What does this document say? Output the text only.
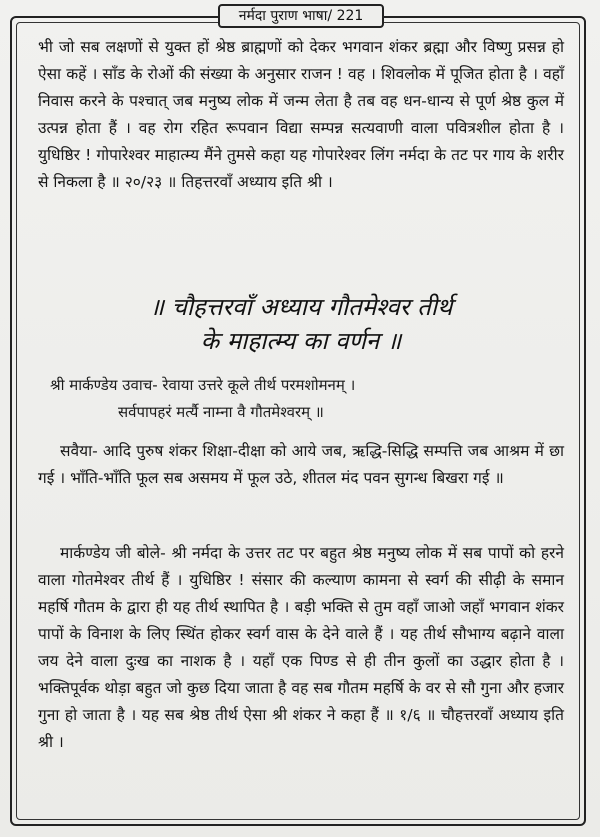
नर्मदा पुराण भाषा/ 221

भी जो सब लक्षणों से युक्त हों श्रेष्ठ ब्राह्मणों को देकर भगवान शंकर ब्रह्मा और विष्णु प्रसन्न हो ऐसा कहें । साँड के रोओं की संख्या के अनुसार राजन ! वह । शिवलोक में पूजित होता है । वहाँ निवास करने के पश्चात् जब मनुष्य लोक में जन्म लेता है तब वह धन-धान्य से पूर्ण श्रेष्ठ कुल में उत्पन्न होता हैं । वह रोग रहित रूपवान विद्या सम्पन्न सत्यवाणी वाला पवित्रशील होता है । युधिष्ठिर ! गोपारेश्वर माहात्म्य मैंने तुमसे कहा यह गोपारेश्वर लिंग नर्मदा के तट पर गाय के शरीर से निकला है ॥ २०/२३ ॥ तिहत्तरवाँ अध्याय इति श्री ।

॥ चौहत्तरवाँ अध्याय गौतमेश्वर तीर्थ
के माहात्म्य का वर्णन ॥
श्री मार्कण्डेय उवाच- रेवाया उत्तरे कूले तीर्थ परमशोमनम् ।
सर्वपापहरं मर्त्यै नाम्ना वै गौतमेश्वरम् ॥

सवैया- आदि पुरुष शंकर शिक्षा-दीक्षा को आये जब, ऋद्धि-सिद्धि सम्पत्ति जब आश्रम में छा गई । भाँति-भाँति फूल सब असमय में फूल उठे, शीतल मंद पवन सुगन्ध बिखरा गई ॥

मार्कण्डेय जी बोले- श्री नर्मदा के उत्तर तट पर बहुत श्रेष्ठ मनुष्य लोक में सब पापों को हरने वाला गोतमेश्वर तीर्थ हैं । युधिष्ठिर ! संसार की कल्याण कामना से स्वर्ग की सीढ़ी के समान महर्षि गौतम के द्वारा ही यह तीर्थ स्थापित है । बड़ी भक्ति से तुम वहाँ जाओ जहाँ भगवान शंकर पापों के विनाश के लिए स्थिंत होकर स्वर्ग वास के देने वाले हैं । यह तीर्थ सौभाग्य बढ़ाने वाला जय देने वाला दुःख का नाशक है । यहाँ एक पिण्ड से ही तीन कुलों का उद्धार होता है । भक्तिपूर्वक थोड़ा बहुत जो कुछ दिया जाता है वह सब गौतम महर्षि के वर से सौ गुना और हजार गुना हो जाता है । यह सब श्रेष्ठ तीर्थ ऐसा श्री शंकर ने कहा हैं ॥ १/६ ॥ चौहत्तरवाँ अध्याय इति श्री ।
